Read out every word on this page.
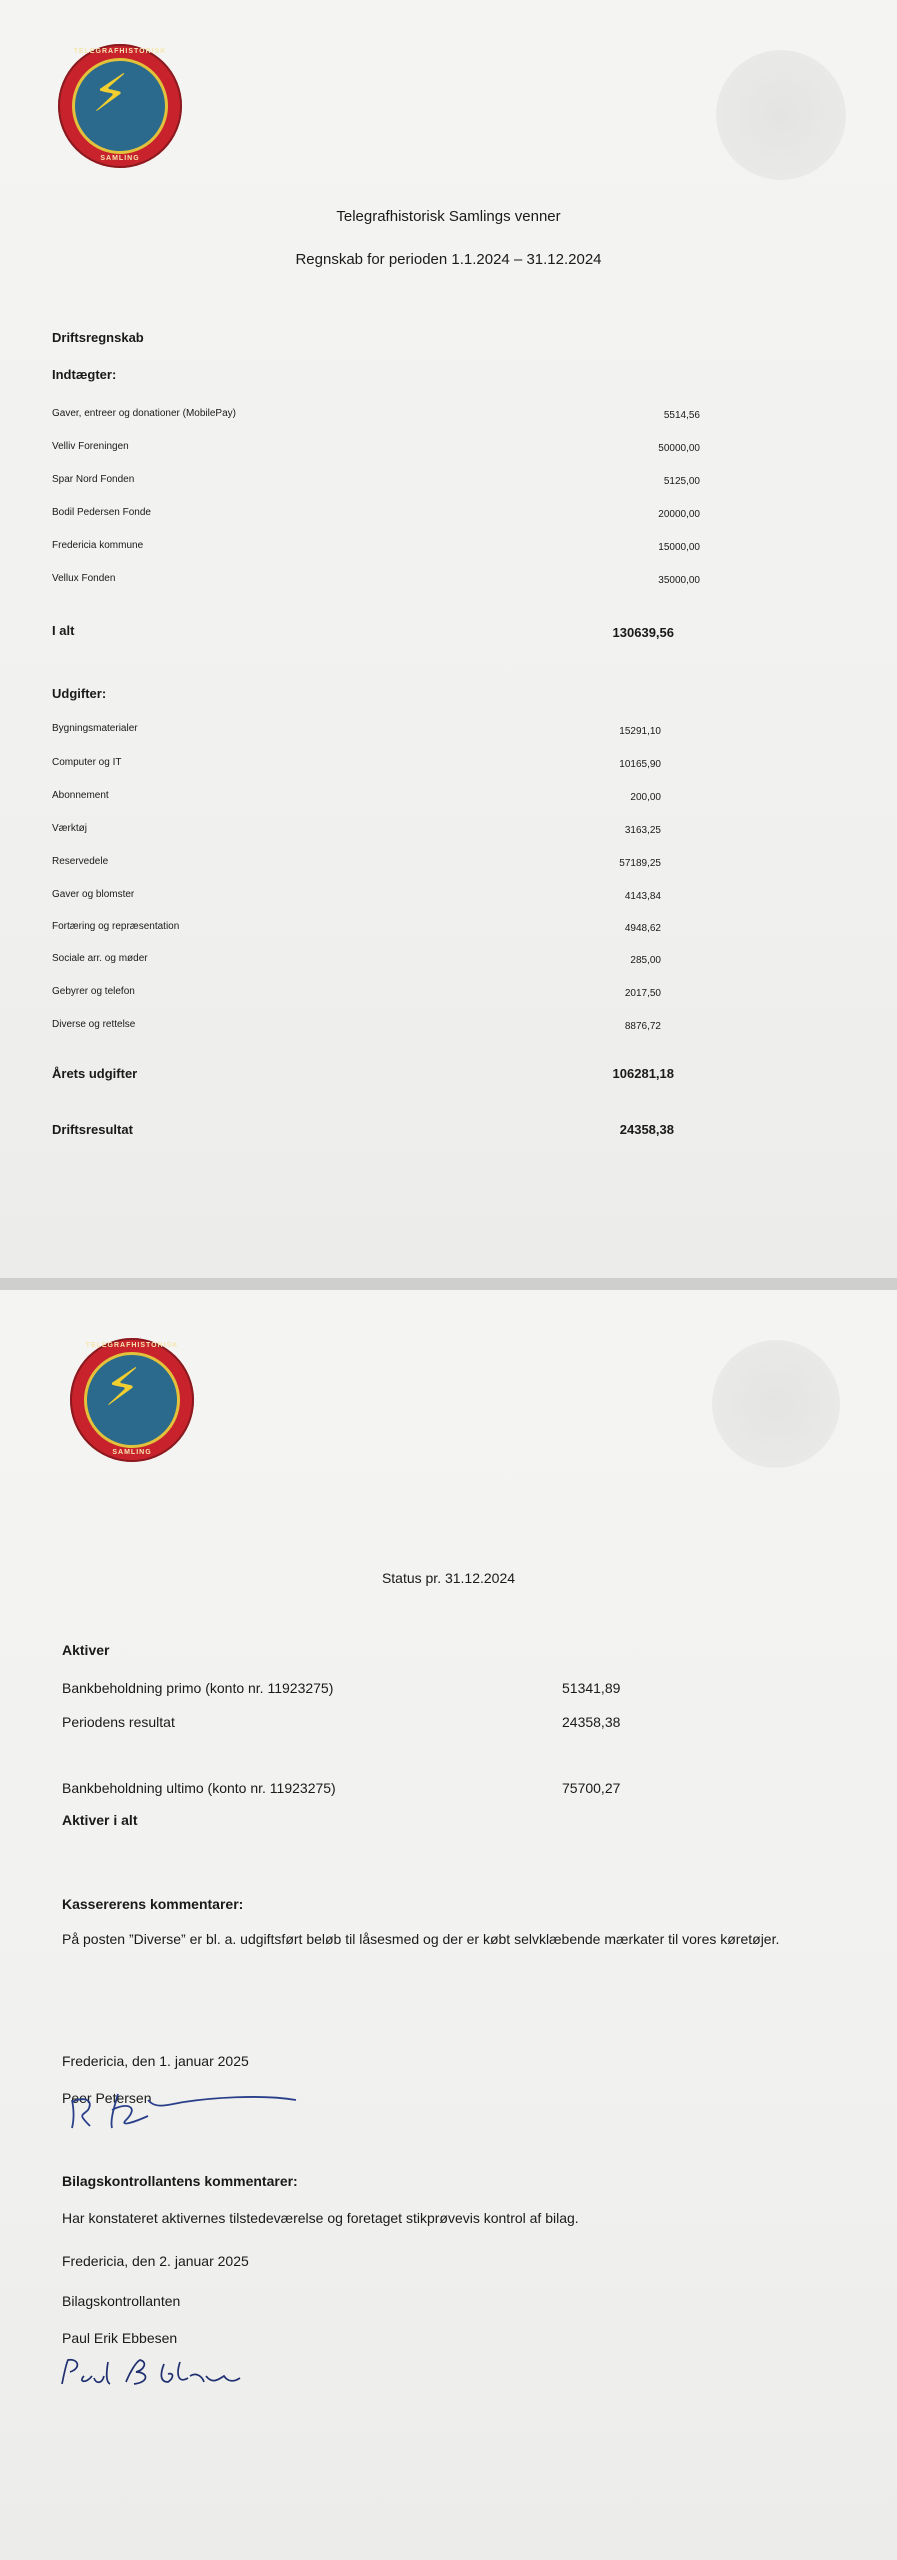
⚡
TELEGRAFHISTORISK
SAMLING
Telegrafhistorisk Samlings venner
Regnskab for perioden 1.1.2024 – 31.12.2024
Driftsregnskab
Indtægter:
Gaver, entreer og donationer (MobilePay)	5514,56
Velliv Foreningen	50000,00
Spar Nord Fonden	5125,00
Bodil Pedersen Fonde	20000,00
Fredericia kommune	15000,00
Vellux Fonden	35000,00
I alt	130639,56
Udgifter:
Bygningsmaterialer	15291,10
Computer og IT	10165,90
Abonnement	200,00
Værktøj	3163,25
Reservedele	57189,25
Gaver og blomster	4143,84
Fortæring og repræsentation	4948,62
Sociale arr. og møder	285,00
Gebyrer og telefon	2017,50
Diverse og rettelse	8876,72
Årets udgifter	106281,18
Driftsresultat	24358,38
⚡
TELEGRAFHISTORISK
SAMLING
Status pr. 31.12.2024
Aktiver
Bankbeholdning primo (konto nr. 11923275)	51341,89
Periodens resultat	24358,38
Bankbeholdning ultimo (konto nr. 11923275)	75700,27
Aktiver i alt
Kassererens kommentarer:
På posten ”Diverse” er bl. a. udgiftsført beløb til låsesmed og der er købt selvklæbende mærkater til vores køretøjer.
Fredericia, den 1. januar 2025
Peer Petersen
Bilagskontrollantens kommentarer:
Har konstateret aktivernes tilstedeværelse og foretaget stikprøvevis kontrol af bilag.
Fredericia, den 2. januar 2025
Bilagskontrollanten
Paul Erik Ebbesen
